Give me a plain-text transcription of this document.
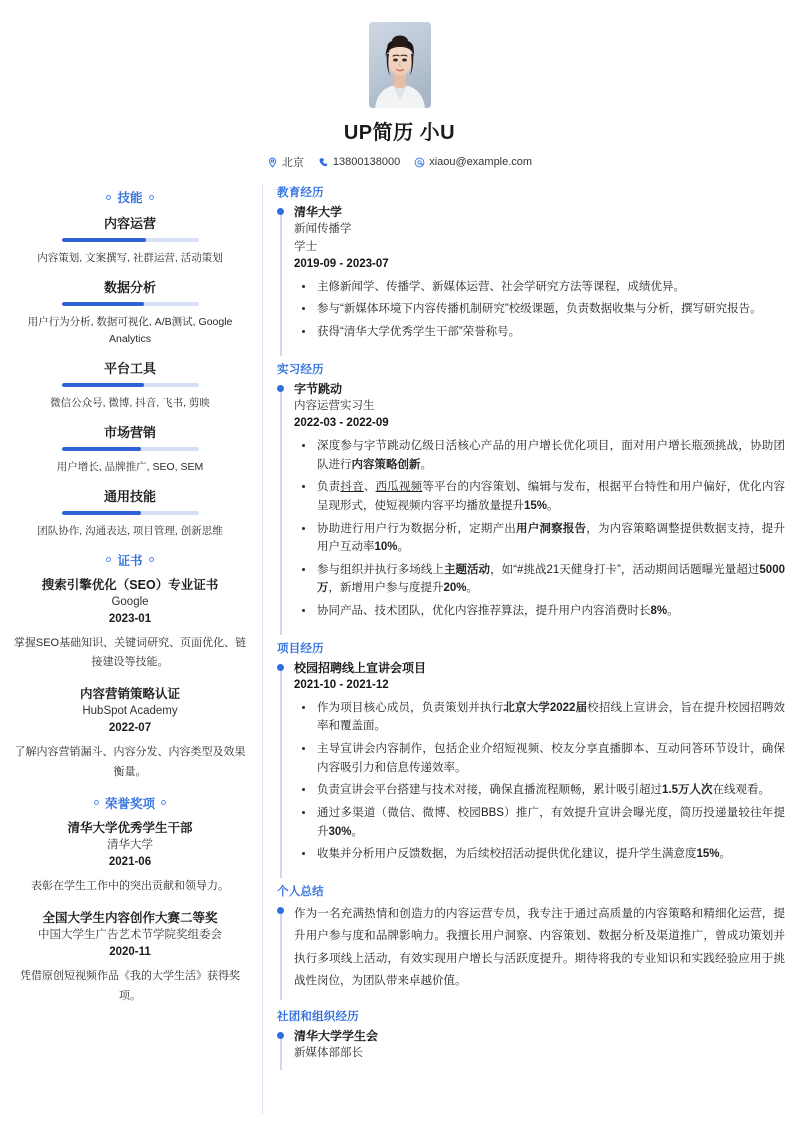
UP简历 小U
北京	13800138000	xiaou@example.com
技能
内容运营
内容策划, 文案撰写, 社群运营, 活动策划
数据分析
用户行为分析, 数据可视化, A/B测试, Google Analytics
平台工具
微信公众号, 微博, 抖音, 飞书, 剪映
市场营销
用户增长, 品牌推广, SEO, SEM
通用技能
团队协作, 沟通表达, 项目管理, 创新思维
证书
搜索引擎优化（SEO）专业证书
Google
2023-01
掌握SEO基础知识、关键词研究、页面优化、链接建设等技能。
内容营销策略认证
HubSpot Academy
2022-07
了解内容营销漏斗、内容分发、内容类型及效果衡量。
荣誉奖项
清华大学优秀学生干部
清华大学
2021-06
表彰在学生工作中的突出贡献和领导力。
全国大学生内容创作大赛二等奖
中国大学生广告艺术节学院奖组委会
2020-11
凭借原创短视频作品《我的大学生活》获得奖项。
教育经历
清华大学
新闻传播学
学士
2019-09 - 2023-07
主修新闻学、传播学、新媒体运营、社会学研究方法等课程，成绩优异。
参与“新媒体环境下内容传播机制研究”校级课题，负责数据收集与分析，撰写研究报告。
获得“清华大学优秀学生干部”荣誉称号。
实习经历
字节跳动
内容运营实习生
2022-03 - 2022-09
深度参与字节跳动亿级日活核心产品的用户增长优化项目，面对用户增长瓶颈挑战，协助团队进行内容策略创新。
负责抖音、西瓜视频等平台的内容策划、编辑与发布，根据平台特性和用户偏好，优化内容呈现形式，使短视频内容平均播放量提升15%。
协助进行用户行为数据分析，定期产出用户洞察报告，为内容策略调整提供数据支持，提升用户互动率10%。
参与组织并执行多场线上主题活动，如“#挑战21天健身打卡”，活动期间话题曝光量超过5000万，新增用户参与度提升20%。
协同产品、技术团队，优化内容推荐算法，提升用户内容消费时长8%。
项目经历
校园招聘线上宣讲会项目
2021-10 - 2021-12
作为项目核心成员，负责策划并执行北京大学2022届校招线上宣讲会，旨在提升校园招聘效率和覆盖面。
主导宣讲会内容制作，包括企业介绍短视频、校友分享直播脚本、互动问答环节设计，确保内容吸引力和信息传递效率。
负责宣讲会平台搭建与技术对接，确保直播流程顺畅，累计吸引超过1.5万人次在线观看。
通过多渠道（微信、微博、校园BBS）推广，有效提升宣讲会曝光度，简历投递量较往年提升30%。
收集并分析用户反馈数据，为后续校招活动提供优化建议，提升学生满意度15%。
个人总结
作为一名充满热情和创造力的内容运营专员，我专注于通过高质量的内容策略和精细化运营，提升用户参与度和品牌影响力。我擅长用户洞察、内容策划、数据分析及渠道推广，曾成功策划并执行多项线上活动，有效实现用户增长与活跃度提升。期待将我的专业知识和实践经验应用于挑战性岗位，为团队带来卓越价值。
社团和组织经历
清华大学学生会
新媒体部部长
